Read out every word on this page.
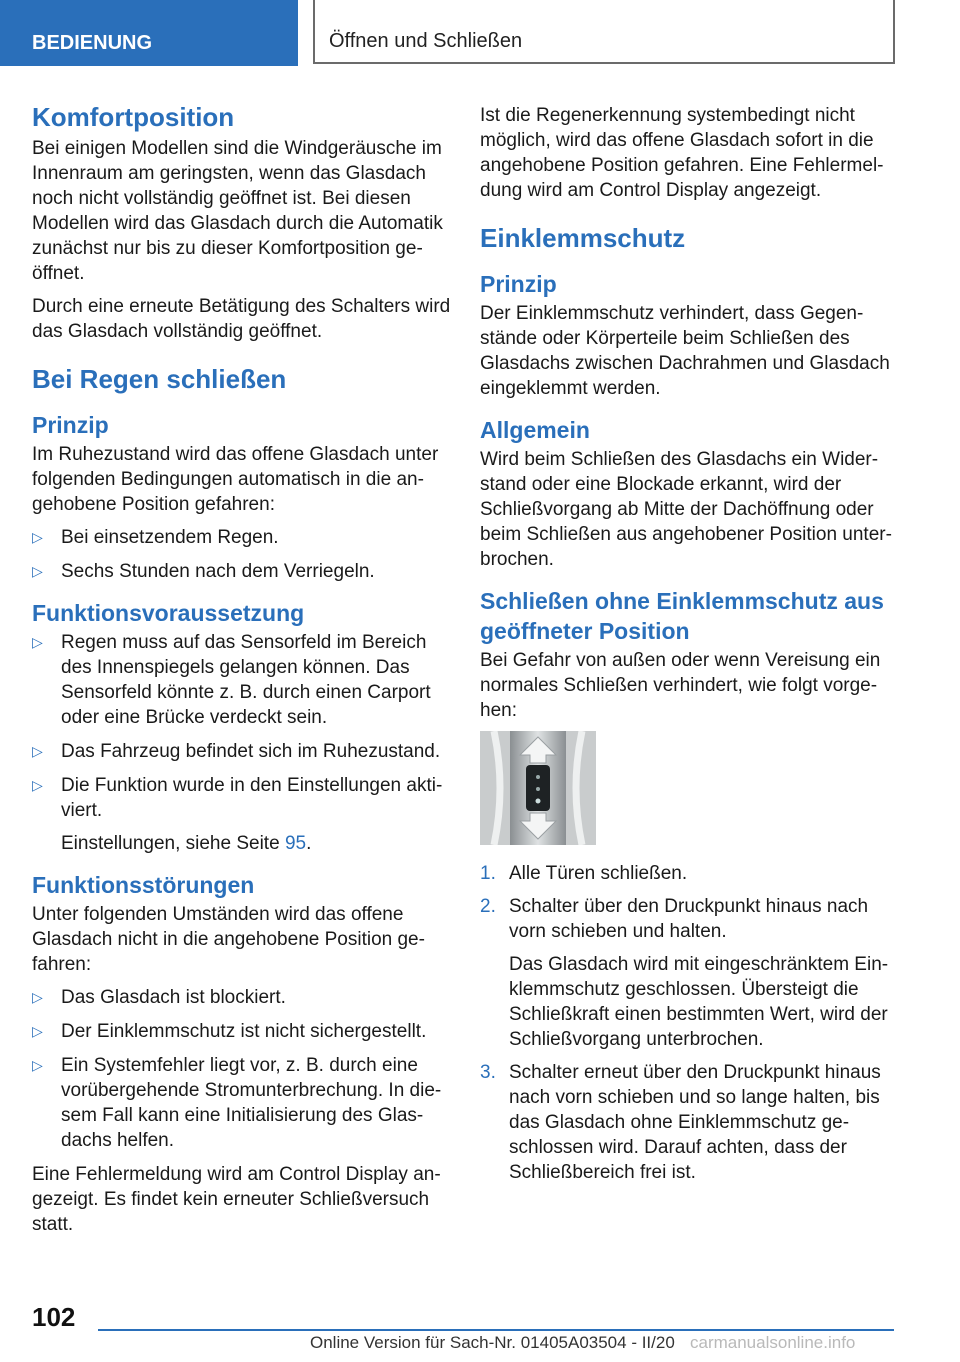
BEDIENUNG	Öffnen und Schließen
Komfortposition

Bei einigen Modellen sind die Windgeräusche im Innenraum am geringsten, wenn das Glasdach noch nicht vollständig geöffnet ist. Bei diesen Modellen wird das Glasdach durch die Automatik zunächst nur bis zu dieser Komfortposition geöffnet.

Durch eine erneute Betätigung des Schalters wird das Glasdach vollständig geöffnet.

Bei Regen schließen
Prinzip

Im Ruhezustand wird das offene Glasdach unter folgenden Bedingungen automatisch in die angehobene Position gefahren:

▷ Bei einsetzendem Regen.
▷ Sechs Stunden nach dem Verriegeln.
Funktionsvoraussetzung
▷ Regen muss auf das Sensorfeld im Bereich des Innenspiegels gelangen können. Das Sensorfeld könnte z. B. durch einen Carport oder eine Brücke verdeckt sein.
▷ Das Fahrzeug befindet sich im Ruhezustand.
▷ Die Funktion wurde in den Einstellungen aktiviert.
Einstellungen, siehe Seite 95.
Funktionsstörungen

Unter folgenden Umständen wird das offene Glasdach nicht in die angehobene Position gefahren:

▷ Das Glasdach ist blockiert.
▷ Der Einklemmschutz ist nicht sichergestellt.
▷ Ein Systemfehler liegt vor, z. B. durch eine vorübergehende Stromunterbrechung. In diesem Fall kann eine Initialisierung des Glasdachs helfen.

Eine Fehlermeldung wird am Control Display angezeigt. Es findet kein erneuter Schließversuch statt.

Ist die Regenerkennung systembedingt nicht möglich, wird das offene Glasdach sofort in die angehobene Position gefahren. Eine Fehlermeldung wird am Control Display angezeigt.

Einklemmschutz
Prinzip

Der Einklemmschutz verhindert, dass Gegenstände oder Körperteile beim Schließen des Glasdachs zwischen Dachrahmen und Glasdach eingeklemmt werden.

Allgemein

Wird beim Schließen des Glasdachs ein Widerstand oder eine Blockade erkannt, wird der Schließvorgang ab Mitte der Dachöffnung oder beim Schließen aus angehobener Position unterbrochen.

Schließen ohne Einklemmschutz aus geöffneter Position

Bei Gefahr von außen oder wenn Vereisung ein normales Schließen verhindert, wie folgt vorgehen:

1. Alle Türen schließen.
2. Schalter über den Druckpunkt hinaus nach vorn schieben und halten.
Das Glasdach wird mit eingeschränktem Einklemmschutz geschlossen. Übersteigt die Schließkraft einen bestimmten Wert, wird der Schließvorgang unterbrochen.
3. Schalter erneut über den Druckpunkt hinaus nach vorn schieben und so lange halten, bis das Glasdach ohne Einklemmschutz geschlossen wird. Darauf achten, dass der Schließbereich frei ist.
102
Online Version für Sach-Nr. 01405A03504 - II/20 carmanualsonline.info
